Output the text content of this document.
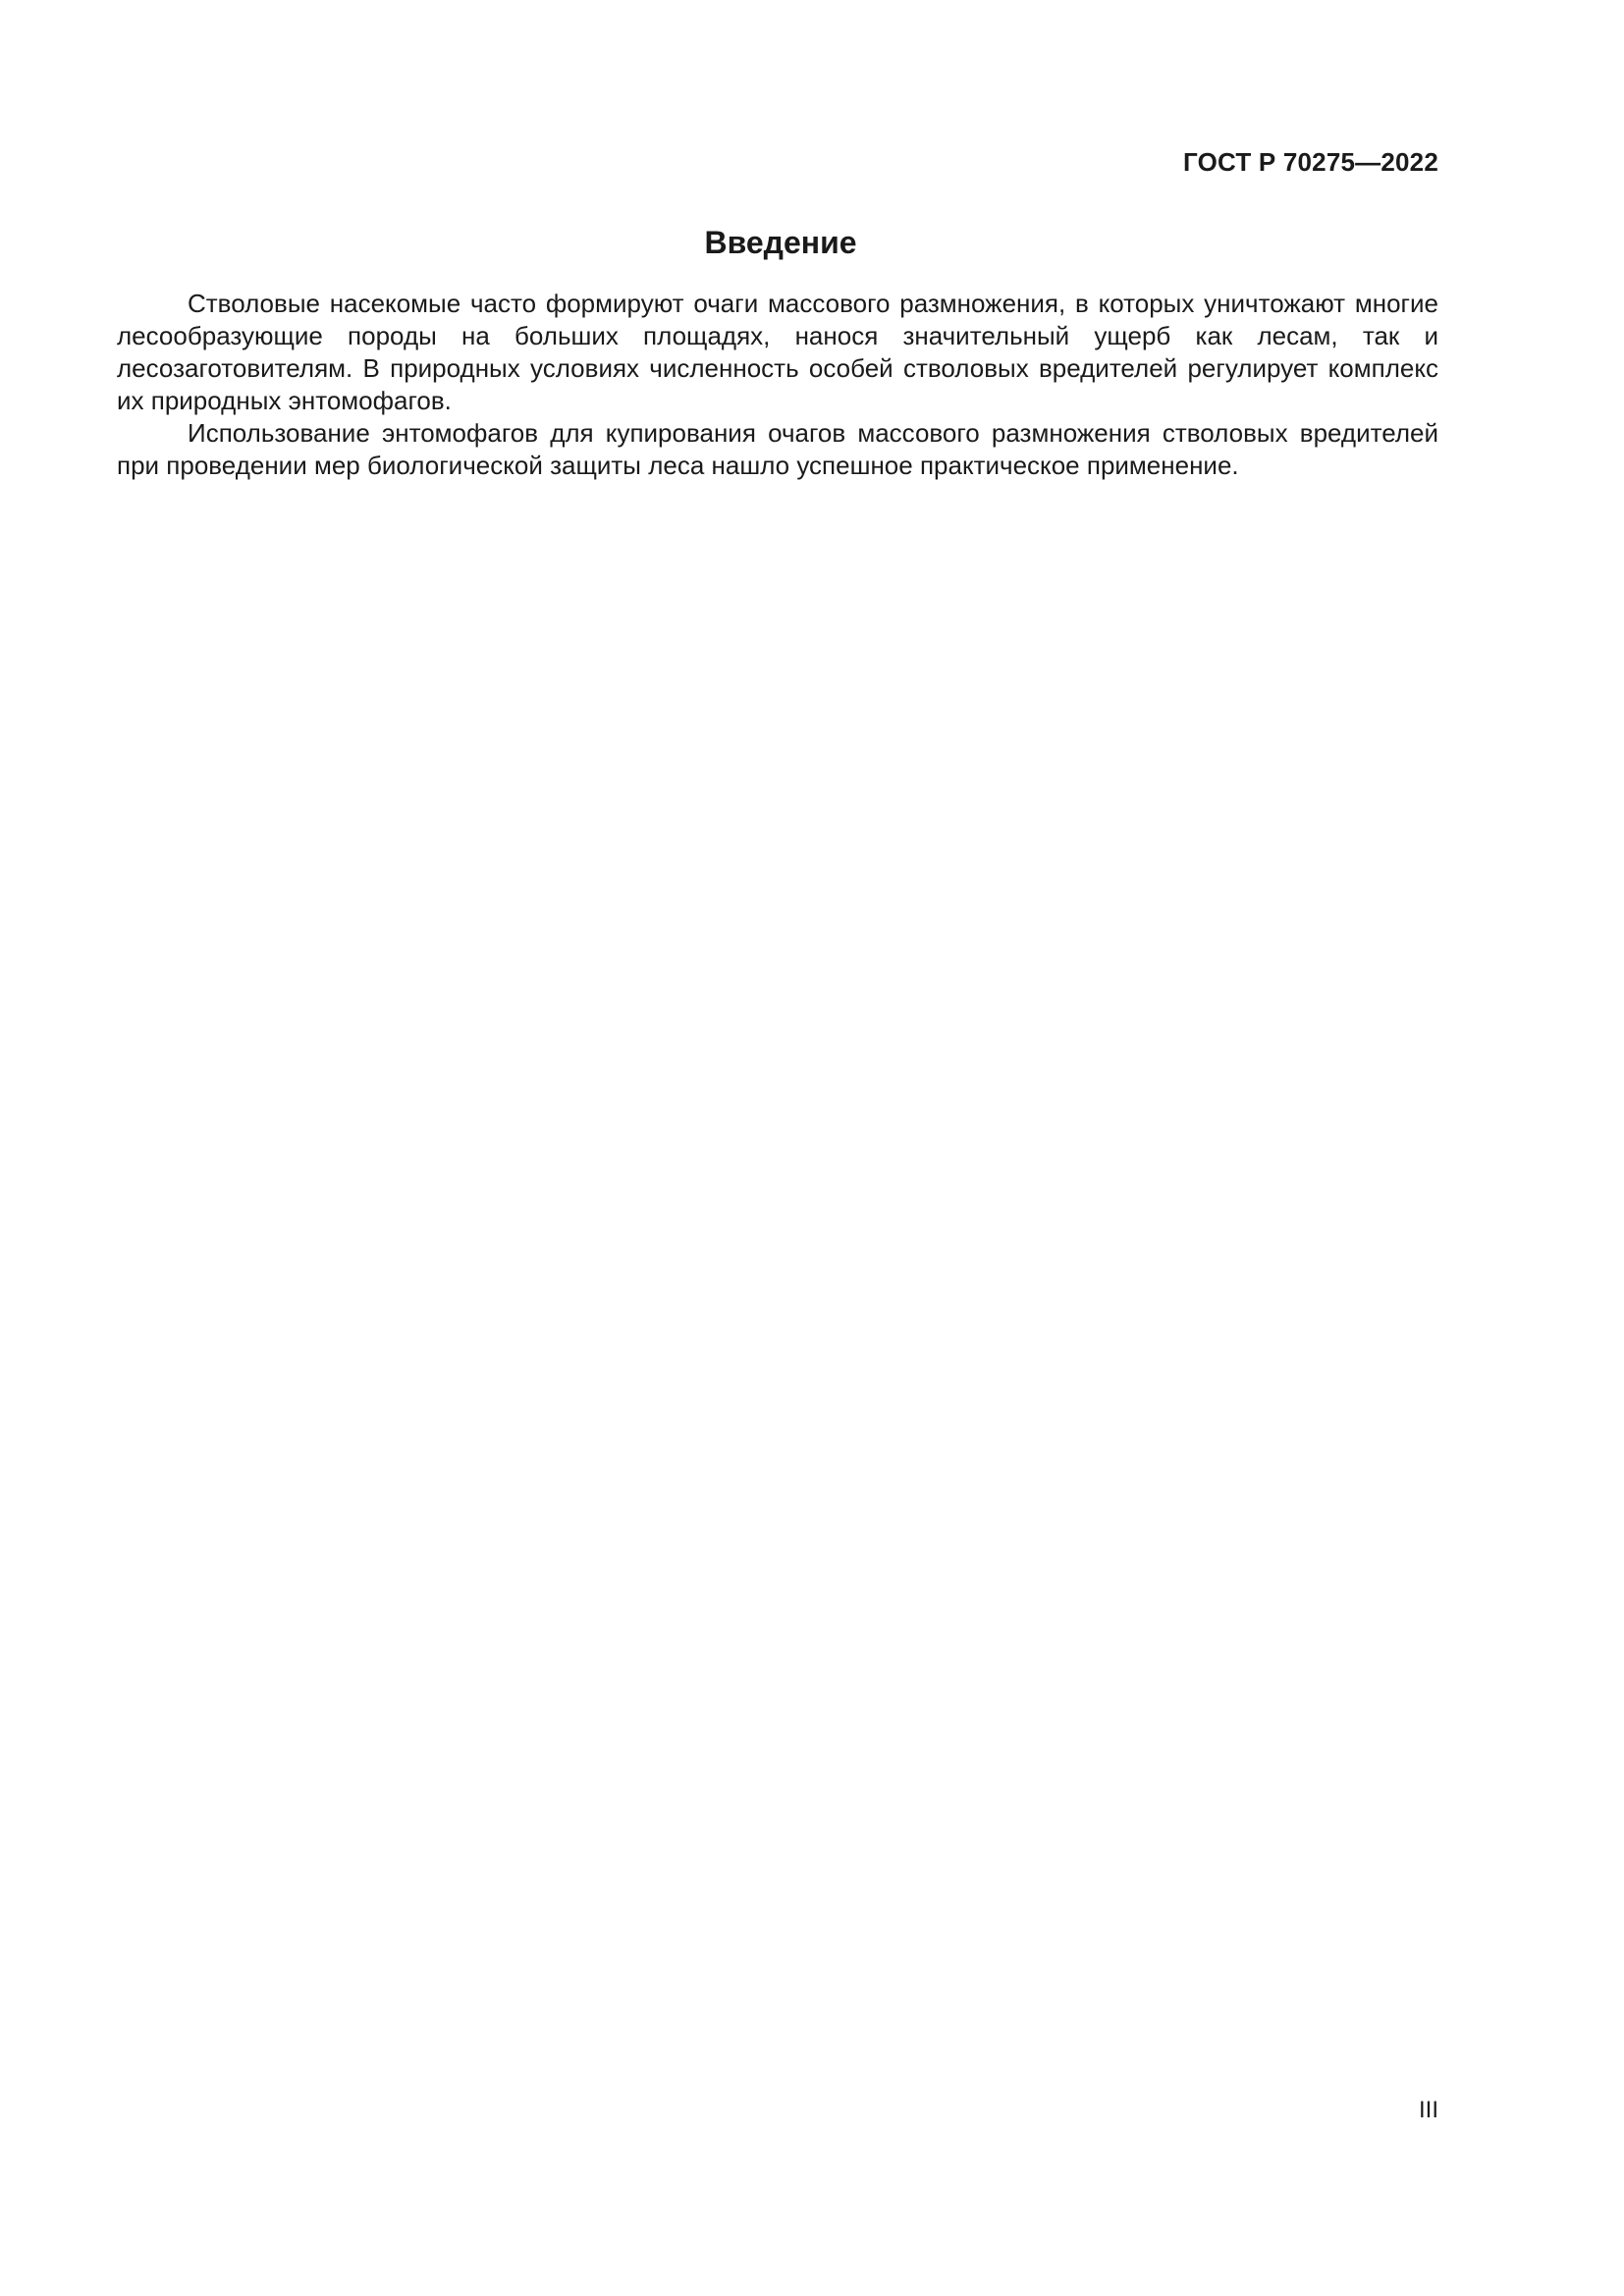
ГОСТ Р 70275—2022
Введение

Стволовые насекомые часто формируют очаги массового размножения, в которых уничтожают многие лесообразующие породы на больших площадях, нанося значительный ущерб как лесам, так и лесозаготовителям. В природных условиях численность особей стволовых вредителей регулирует комплекс их природных энтомофагов.

Использование энтомофагов для купирования очагов массового размножения стволовых вредителей при проведении мер биологической защиты леса нашло успешное практическое применение.

III
